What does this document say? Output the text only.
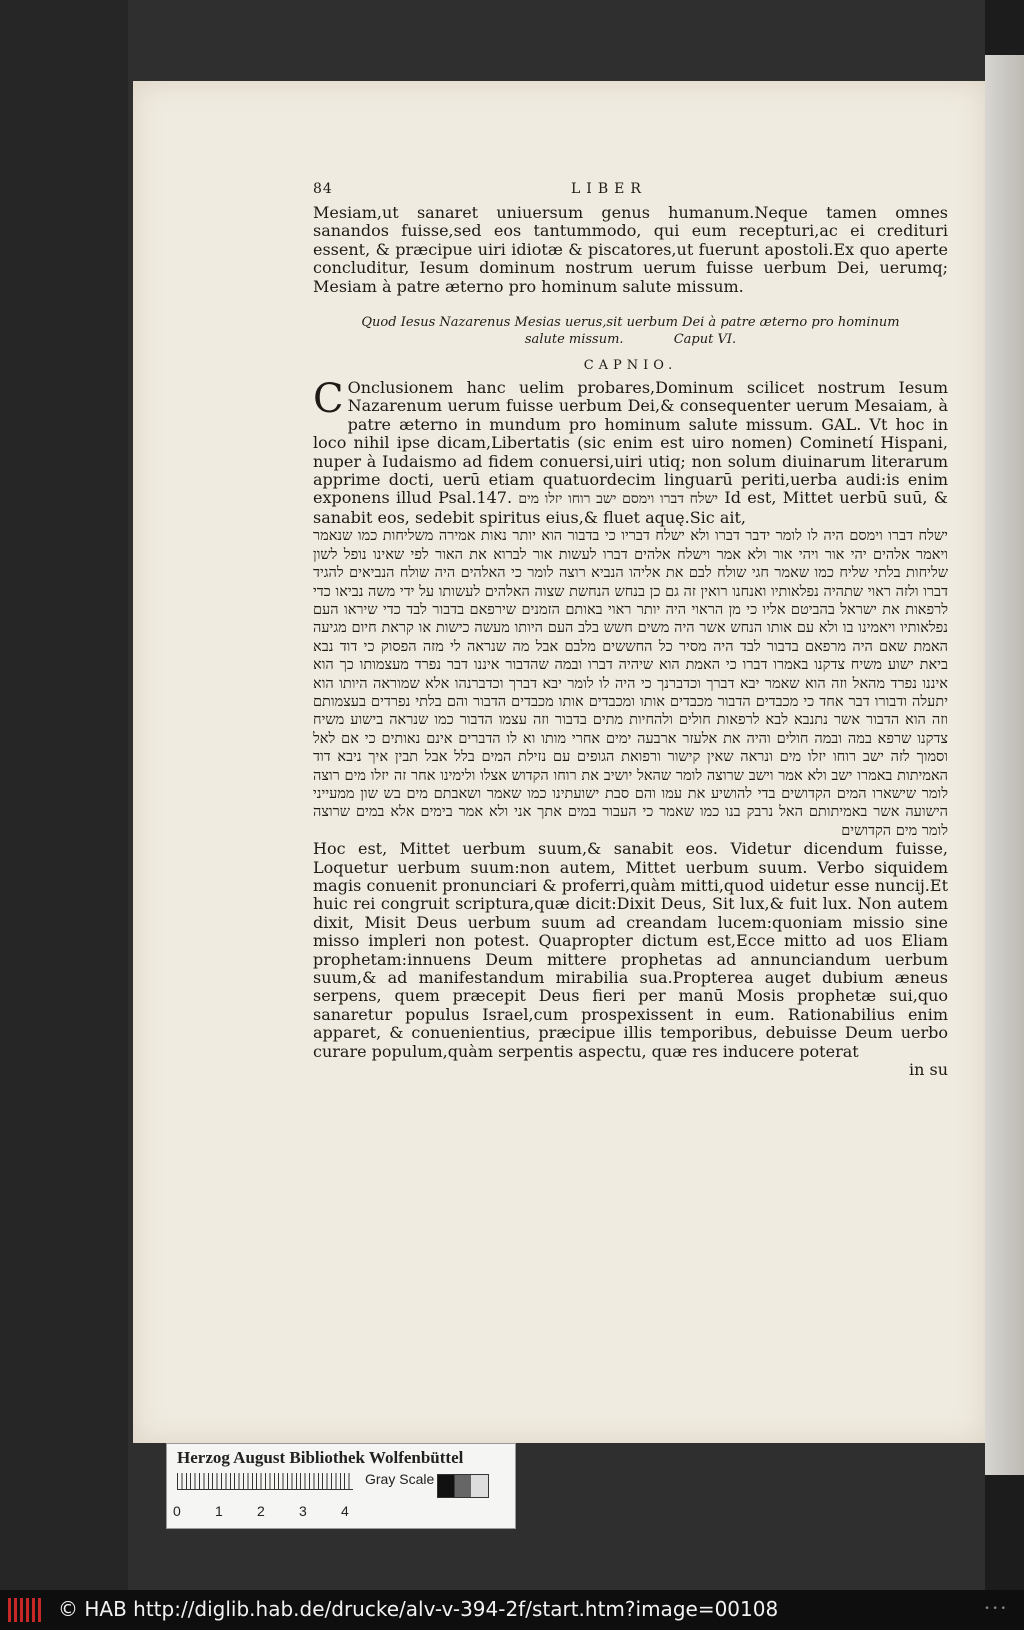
84	LIBER

Mesiam,ut sanaret uniuersum genus humanum.Neque tamen omnes sanandos fuisse,sed eos tantummodo, qui eum recepturi,ac ei credituri essent, & præcipue uiri idiotæ & piscatores,ut fuerunt apostoli.Ex quo aperte concluditur, Iesum dominum nostrum uerum fuisse uerbum Dei, uerumq; Mesiam à patre æterno pro hominum salute missum.

Quod Iesus Nazarenus Mesias uerus,sit uerbum Dei à patre æterno pro hominum

salute missum.	Caput VI.

CAPNIO.

C Onclusionem hanc uelim probares,Dominum scilicet nostrum Iesum Nazarenum uerum fuisse uerbum Dei,& consequenter uerum Mesaiam, à patre æterno in mundum pro hominum salute missum. GAL. Vt hoc in loco nihil ipse dicam,Libertatis (sic enim est uiro nomen) Cominetí Hispani, nuper à Iudaismo ad fidem conuersi,uiri utiq; non solum diuinarum literarum apprime docti, uerū etiam quatuordecim linguarū periti,uerba audi:is enim exponens illud Psal.147. ישלח דברו וימסם ישב רוחו יזלו מים Id est, Mittet uerbū suū, & sanabit eos, sedebit spiritus eius,& fluet aquę.Sic ait,

ישלח דברו וימסם היה לו לומר ידבר דברו ולא ישלח דבריו כי בדבור הוא יותר נאות אמירה משליחות כמו שנאמר ויאמר אלהים יהי אור ויהי אור ולא אמר וישלח אלהים דברו לעשות אור לברוא את האור לפי שאינו נופל לשון שליחות בלתי שליח כמו שאמר חגי שולח לבם את אליהו הנביא רוצה לומר כי האלהים היה שולח הנביאים להגיד דברו ולזה ראוי שתהיה נפלאותיו ואנחנו רואין זה גם כן בנחש הנחשת שצוה האלהים לעשותו על ידי משה נביאו כדי לרפאות את ישראל בהביטם אליו כי מן הראוי היה יותר ראוי באותם הזמנים שירפאם בדבור לבד כדי שיראו העם נפלאותיו ויאמינו בו ולא עם אותו הנחש אשר היה משים חשש בלב העם היותו מעשה כישות או קראת חיום מגיעה האמת שאם היה מרפאם בדבור לבד היה מסיר כל החששים מלבם אבל מה שנראה לי מזה הפסוק כי דוד נבא ביאת ישוע משיח צדקנו באמרו דברו כי האמת הוא שיהיה דברו ובמה שהדבור איננו דבר נפרד מעצמותו כך הוא איננו נפרד מהאל וזה הוא שאמר יבא דברך וכדברנך כי היה לו לומר יבא דברך וכדברנהו אלא שמוראה היותו הוא יתעלה ודבורו דבר אחד כי מכבדים הדבור מכבדים אותו ומכבדים אותו מכבדים הדבור והם בלתי נפרדים בעצמותם וזה הוא הדבור אשר נתנבא לבא לרפאות חולים ולהחיות מתים בדבור וזה עצמו הדבור כמו שנראה בישוע משיח צדקנו שרפא במה ובמה חולים והיה את אלעזר ארבעה ימים אחרי מותו וא לו הדברים אינם נאותים כי אם לאל וסמוך לזה ישב רוחו יזלו מים ונראה שאין קישור ורפואת הגופים עם נזילת המים בלל אבל תבין איך ניבא דוד האמיתות באמרו ישב ולא אמר וישב שרוצה לומר שהאל יושיב את רוחו הקדוש אצלו ולימינו אחר זה יזלו מים רוצה לומר שישארו המים הקדושים בדי להושיע את עמו והם סבת ישועתינו כמו שאמר ושאבתם מים בש שון ממעייני הישועה אשר באמיתותם האל נרבק בנו כמו שאמר כי העבור במים אתך אני ולא אמר בימים אלא במים שרוצה לומר מים הקדושים

Hoc est, Mittet uerbum suum,& sanabit eos. Videtur dicendum fuisse, Loquetur uerbum suum:non autem, Mittet uerbum suum. Verbo siquidem magis conuenit pronunciari & proferri,quàm mitti,quod uidetur esse nuncij.Et huic rei congruit scriptura,quæ dicit:Dixit Deus, Sit lux,& fuit lux. Non autem dixit, Misit Deus uerbum suum ad creandam lucem:quoniam missio sine misso impleri non potest. Quapropter dictum est,Ecce mitto ad uos Eliam prophetam:innuens Deum mittere prophetas ad annunciandum uerbum suum,& ad manifestandum mirabilia sua.Propterea auget dubium æneus serpens, quem præcepit Deus fieri per manū Mosis prophetæ sui,quo sanaretur populus Israel,cum prospexissent in eum. Rationabilius enim apparet, & conuenientius, præcipue illis temporibus, debuisse Deum uerbo curare populum,quàm serpentis aspectu, quæ res inducere poterat

in su

Herzog August Bibliothek Wolfenbüttel
0 1 2 3 4
Gray Scale
© HAB http://diglib.hab.de/drucke/alv-v-394-2f/start.htm?image=00108	• • •
